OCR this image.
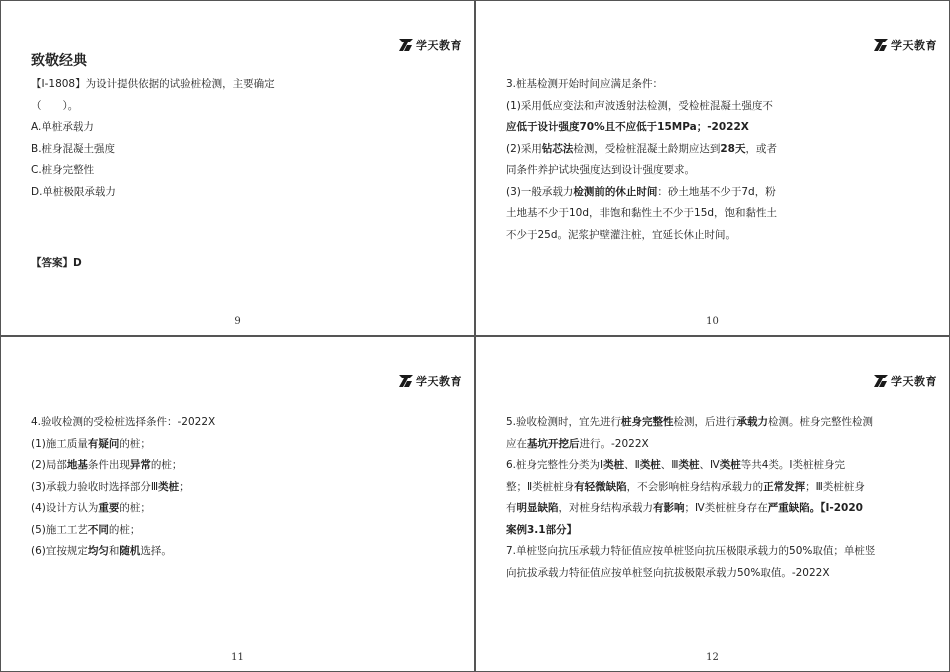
学天教育
致敬经典
【Ⅰ-1808】为设计提供依据的试验桩检测，主要确定
（　　）。
A.单桩承载力
B.桩身混凝土强度
C.桩身完整性
D.单桩极限承载力
【答案】D
9
学天教育
3.桩基检测开始时间应满足条件：
(1)采用低应变法和声波透射法检测，受检桩混凝土强度不
应低于设计强度70%且不应低于15MPa；-2022X
(2)采用钻芯法检测，受检桩混凝土龄期应达到28天，或者
同条件养护试块强度达到设计强度要求。
(3)一般承载力检测前的休止时间：砂土地基不少于7d，粉
土地基不少于10d，非饱和黏性土不少于15d，饱和黏性土
不少于25d。泥浆护壁灌注桩，宜延长休止时间。
10
学天教育
4.验收检测的受检桩选择条件：-2022X
(1)施工质量有疑问的桩；
(2)局部地基条件出现异常的桩；
(3)承载力验收时选择部分Ⅲ类桩；
(4)设计方认为重要的桩；
(5)施工工艺不同的桩；
(6)宜按规定均匀和随机选择。
11
学天教育
5.验收检测时，宜先进行桩身完整性检测，后进行承载力检测。桩身完整性检测
应在基坑开挖后进行。-2022X
6.桩身完整性分类为Ⅰ类桩、Ⅱ类桩、Ⅲ类桩、Ⅳ类桩等共4类。Ⅰ类桩桩身完
整；Ⅱ类桩桩身有轻微缺陷，不会影响桩身结构承载力的正常发挥；Ⅲ类桩桩身
有明显缺陷，对桩身结构承载力有影响；Ⅳ类桩桩身存在严重缺陷。【Ⅰ-2020
案例3.1部分】
7.单桩竖向抗压承载力特征值应按单桩竖向抗压极限承载力的50%取值；单桩竖
向抗拔承载力特征值应按单桩竖向抗拔极限承载力50%取值。-2022X
12
